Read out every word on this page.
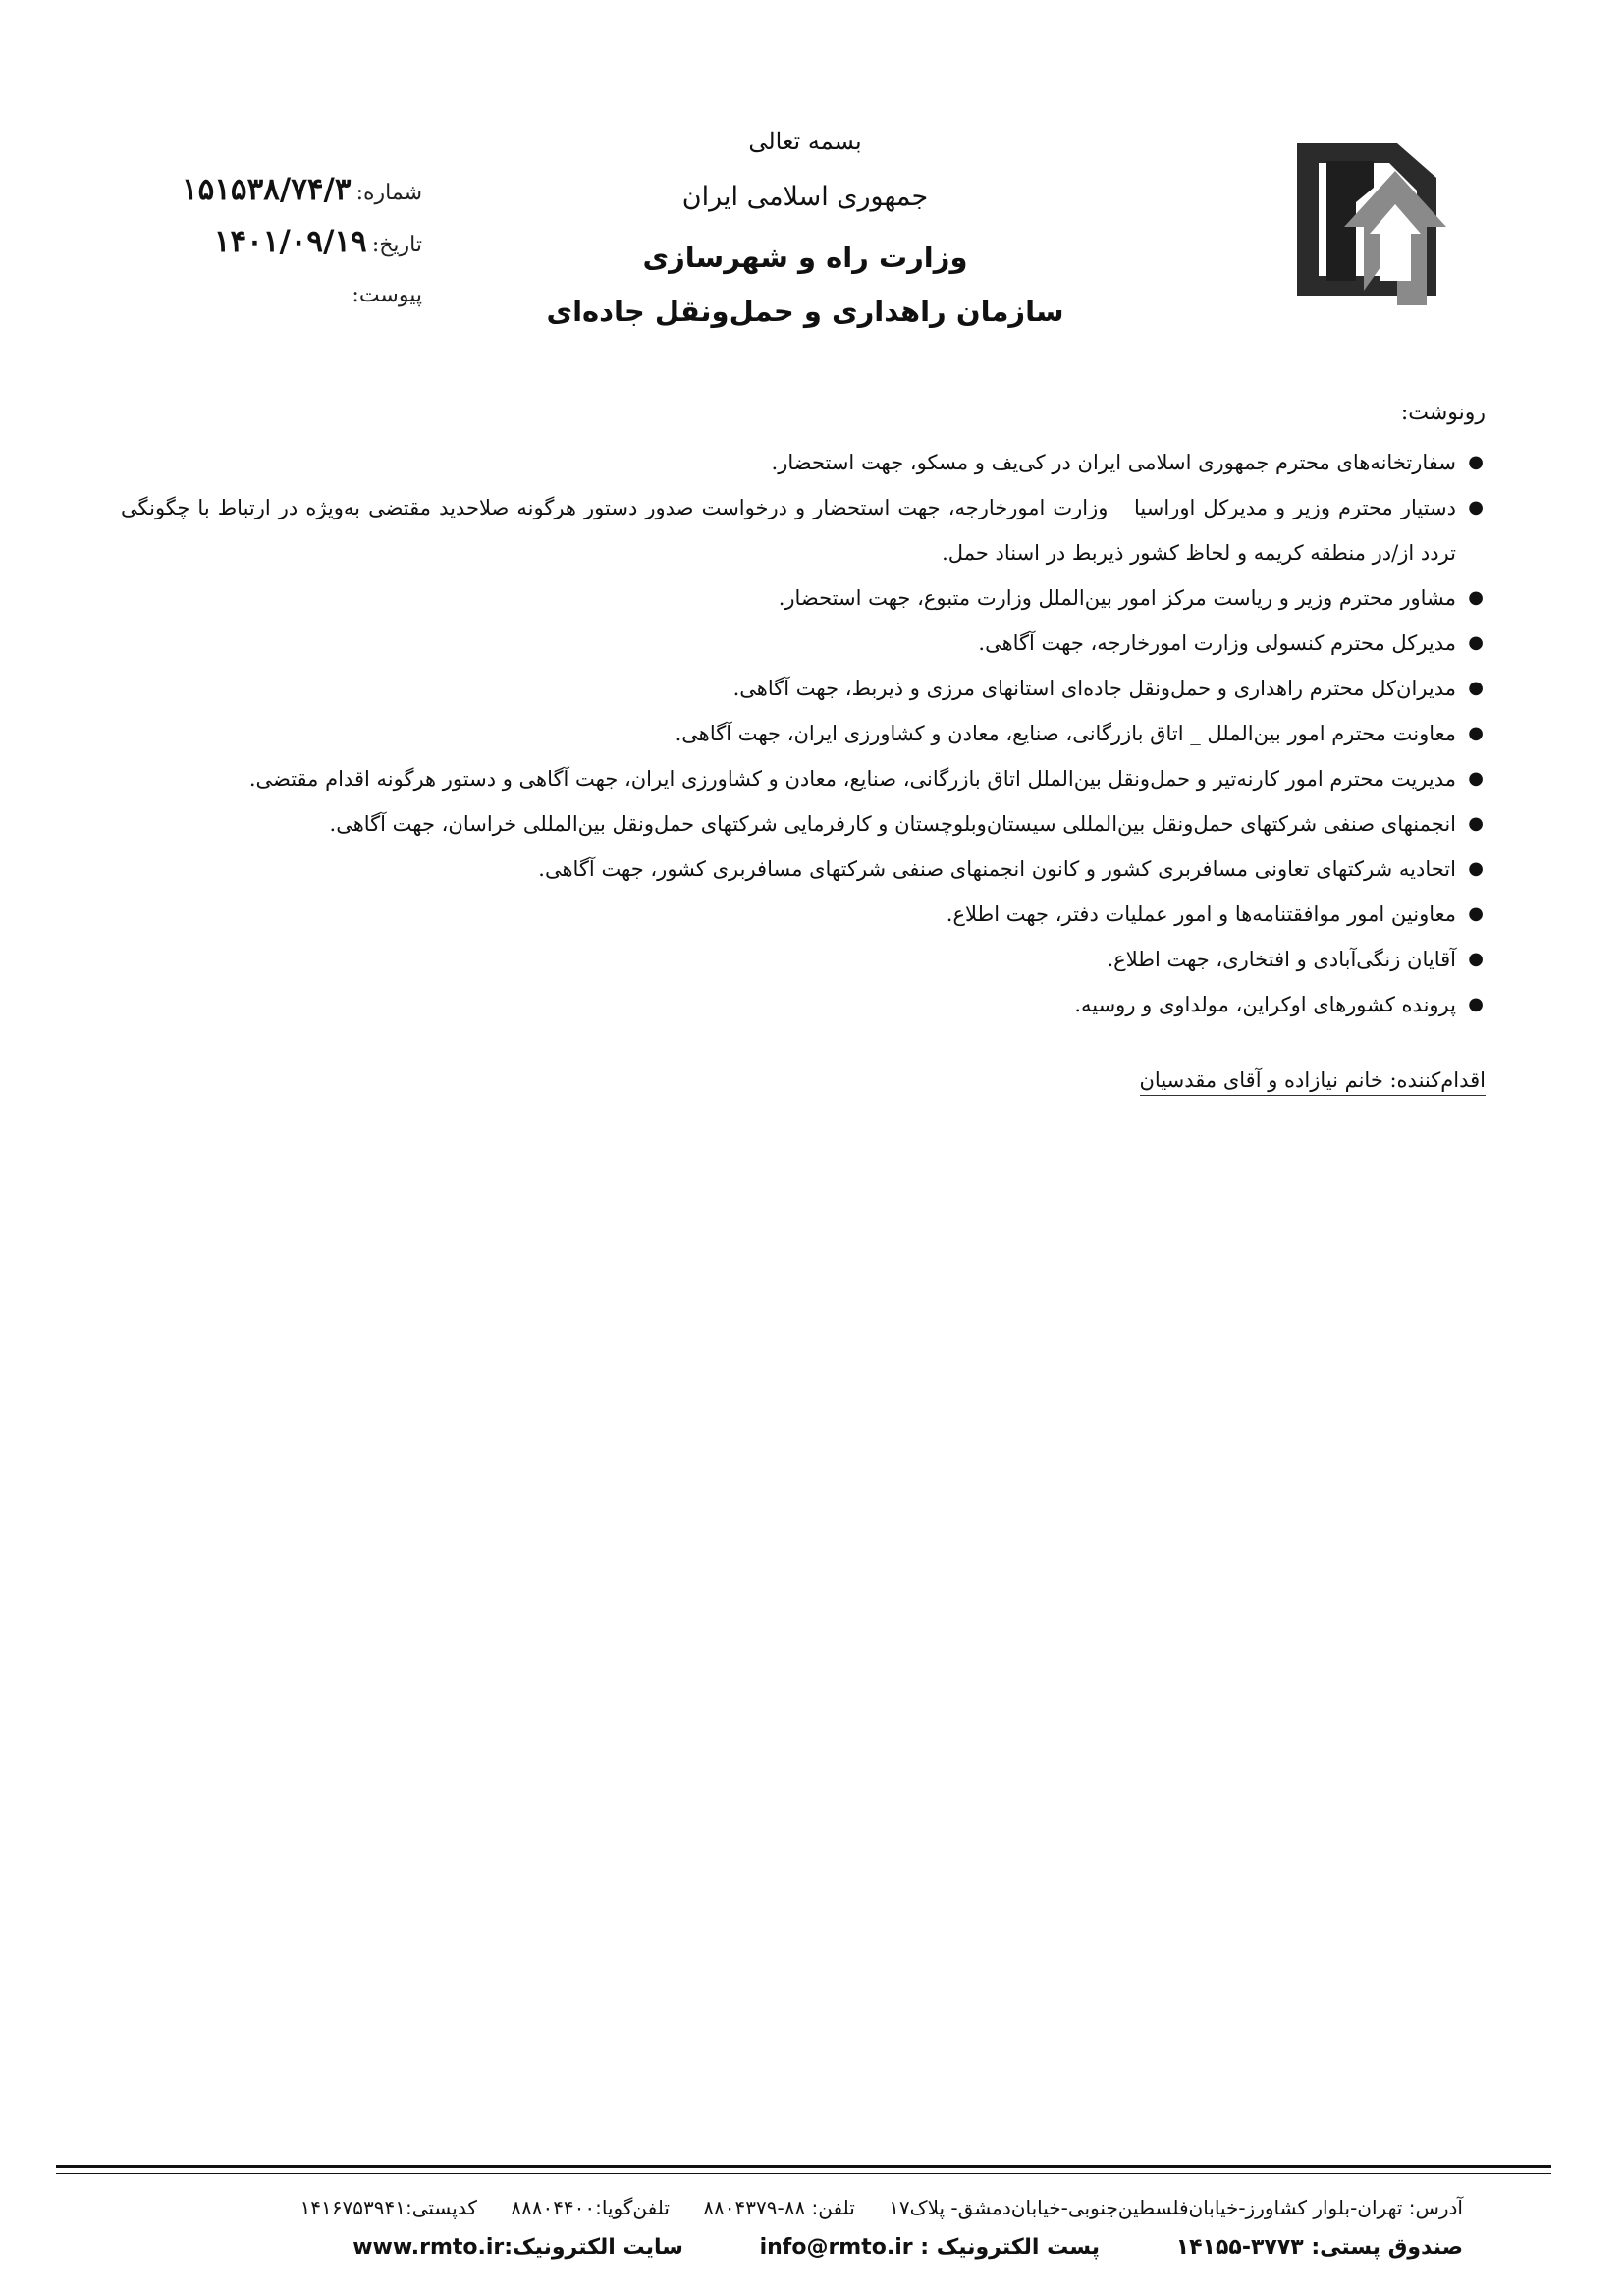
بسمه تعالی
جمهوری اسلامی ایران
وزارت راه و شهرسازی
سازمان راهداری و حمل‌ونقل جاده‌ای
شماره: ۱۵۱۵۳۸/۷۴/۳
تاریخ: ۱۴۰۱/۰۹/۱۹
پیوست:
رونوشت:
●
سفارتخانه‌های محترم جمهوری اسلامی ایران در کی‌یف و مسکو، جهت استحضار.
●
دستیار محترم وزیر و مدیرکل اوراسیا _ وزارت امورخارجه، جهت استحضار و درخواست صدور دستور هرگونه صلاحدید مقتضی به‌ویژه در ارتباط با چگونگی تردد از/در منطقه کریمه و لحاظ کشور ذیربط در اسناد حمل.
●
مشاور محترم وزیر و ریاست مرکز امور بین‌الملل وزارت متبوع، جهت استحضار.
●
مدیرکل محترم کنسولی وزارت امورخارجه، جهت آگاهی.
●
مدیران‌کل محترم راهداری و حمل‌ونقل جاده‌ای استانهای مرزی و ذیربط، جهت آگاهی.
●
معاونت محترم امور بین‌الملل _ اتاق بازرگانی، صنایع، معادن و کشاورزی ایران، جهت آگاهی.
●
مدیریت محترم امور کارنه‌تیر و حمل‌ونقل بین‌الملل اتاق بازرگانی، صنایع، معادن و کشاورزی ایران، جهت آگاهی و دستور هرگونه اقدام مقتضی.
●
انجمنهای صنفی شرکتهای حمل‌ونقل بین‌المللی سیستان‌وبلوچستان و کارفرمایی شرکتهای حمل‌ونقل بین‌المللی خراسان، جهت آگاهی.
●
اتحادیه شرکتهای تعاونی مسافربری کشور و کانون انجمنهای صنفی شرکتهای مسافربری کشور، جهت آگاهی.
●
معاونین امور موافقتنامه‌ها و امور عملیات دفتر، جهت اطلاع.
●
آقایان زنگی‌آبادی و افتخاری، جهت اطلاع.
●
پرونده کشورهای اوکراین، مولداوی و روسیه.
اقدام‌کننده: خانم نیازاده و آقای مقدسیان
آدرس: تهران-بلوار کشاورز-خیابان‌فلسطین‌جنوبی-خیابان‌دمشق- پلاک۱۷ تلفن: ۸۸-۸۸۰۴۳۷۹ تلفن‌گویا:۸۸۸۰۴۴۰۰ کدپستی:۱۴۱۶۷۵۳۹۴۱
صندوق پستی: ۳۷۷۳-۱۴۱۵۵ پست الکترونیک : info@rmto.ir سایت الکترونیک:www.rmto.ir
